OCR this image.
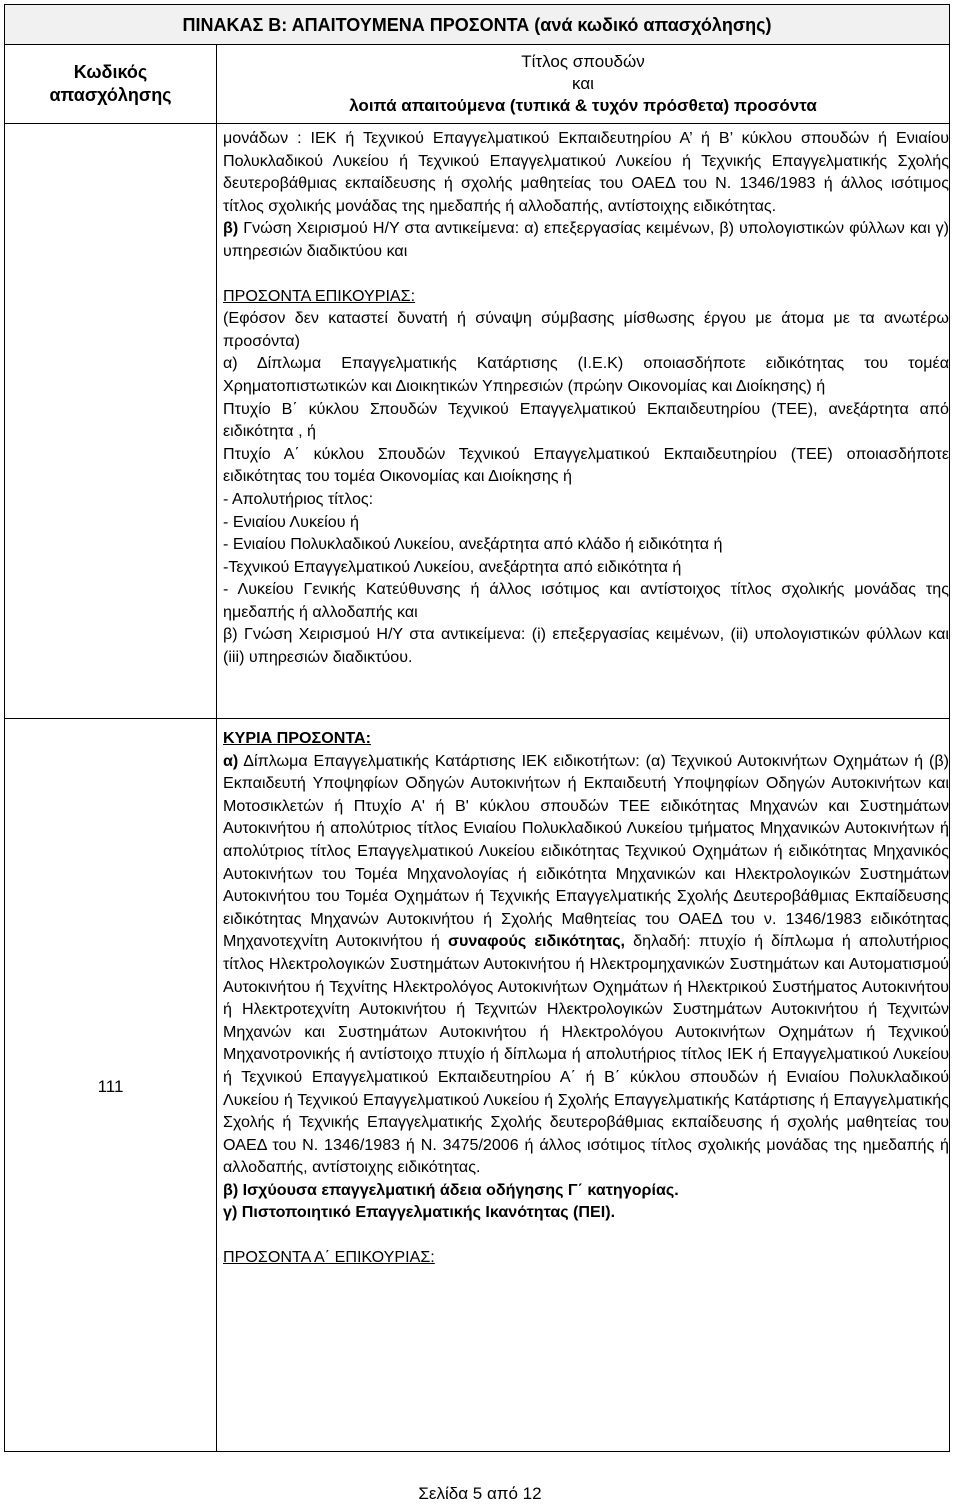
ΠΙΝΑΚΑΣ Β: ΑΠΑΙΤΟΥΜΕΝΑ ΠΡΟΣΟΝΤΑ (ανά κωδικό απασχόλησης)
Κωδικός
απασχόλησης
Τίτλος σπουδών
και
λοιπά απαιτούμενα (τυπικά & τυχόν πρόσθετα) προσόντα

μονάδων : ΙΕΚ ή Τεχνικού Επαγγελματικού Εκπαιδευτηρίου Α’ ή Β’ κύκλου σπουδών ή Ενιαίου Πολυκλαδικού Λυκείου ή Τεχνικού Επαγγελματικού Λυκείου ή Τεχνικής Επαγγελματικής Σχολής δευτεροβάθμιας εκπαίδευσης ή σχολής μαθητείας του ΟΑΕΔ του Ν. 1346/1983 ή άλλος ισότιμος τίτλος σχολικής μονάδας της ημεδαπής ή αλλοδαπής, αντίστοιχης ειδικότητας.

β) Γνώση Χειρισμού Η/Υ στα αντικείμενα: α) επεξεργασίας κειμένων, β) υπολογιστικών φύλλων και γ) υπηρεσιών διαδικτύου και

ΠΡΟΣΟΝΤΑ ΕΠΙΚΟΥΡΙΑΣ:

(Εφόσον δεν καταστεί δυνατή ή σύναψη σύμβασης μίσθωσης έργου με άτομα με τα ανωτέρω προσόντα)

α) Δίπλωμα Επαγγελματικής Κατάρτισης (Ι.Ε.Κ) οποιασδήποτε ειδικότητας του τομέα Χρηματοπιστωτικών και Διοικητικών Υπηρεσιών (πρώην Οικονομίας και Διοίκησης) ή

Πτυχίο Β΄ κύκλου Σπουδών Τεχνικού Επαγγελματικού Εκπαιδευτηρίου (ΤΕΕ), ανεξάρτητα από ειδικότητα , ή

Πτυχίο Α΄ κύκλου Σπουδών Τεχνικού Επαγγελματικού Εκπαιδευτηρίου (ΤΕΕ) οποιασδήποτε ειδικότητας του τομέα Οικονομίας και Διοίκησης ή

- Απολυτήριος τίτλος:

- Ενιαίου Λυκείου ή

- Ενιαίου Πολυκλαδικού Λυκείου, ανεξάρτητα από κλάδο ή ειδικότητα ή

-Τεχνικού Επαγγελματικού Λυκείου, ανεξάρτητα από ειδικότητα ή

- Λυκείου Γενικής Κατεύθυνσης ή άλλος ισότιμος και αντίστοιχος τίτλος σχολικής μονάδας της ημεδαπής ή αλλοδαπής και

β) Γνώση Χειρισμού Η/Υ στα αντικείμενα: (i) επεξεργασίας κειμένων, (ii) υπολογιστικών φύλλων και (iii) υπηρεσιών διαδικτύου.

111

ΚΥΡΙΑ ΠΡΟΣΟΝΤΑ:

α) Δίπλωμα Επαγγελματικής Κατάρτισης ΙΕΚ ειδικοτήτων: (α) Τεχνικού Αυτοκινήτων Οχημάτων ή (β) Εκπαιδευτή Υποψηφίων Οδηγών Αυτοκινήτων ή Εκπαιδευτή Υποψηφίων Οδηγών Αυτοκινήτων και Μοτοσικλετών ή Πτυχίο Α' ή Β' κύκλου σπουδών ΤΕΕ ειδικότητας Μηχανών και Συστημάτων Αυτοκινήτου ή απολύτριος τίτλος Ενιαίου Πολυκλαδικού Λυκείου τμήματος Μηχανικών Αυτοκινήτων ή απολύτριος τίτλος Επαγγελματικού Λυκείου ειδικότητας Τεχνικού Οχημάτων ή ειδικότητας Μηχανικός Αυτοκινήτων του Τομέα Μηχανολογίας ή ειδικότητα Μηχανικών και Ηλεκτρολογικών Συστημάτων Αυτοκινήτου του Τομέα Οχημάτων ή Τεχνικής Επαγγελματικής Σχολής Δευτεροβάθμιας Εκπαίδευσης ειδικότητας Μηχανών Αυτοκινήτου ή Σχολής Μαθητείας του ΟΑΕΔ του ν. 1346/1983 ειδικότητας Μηχανοτεχνίτη Αυτοκινήτου ή συναφούς ειδικότητας, δηλαδή: πτυχίο ή δίπλωμα ή απολυτήριος τίτλος Ηλεκτρολογικών Συστημάτων Αυτοκινήτου ή Ηλεκτρομηχανικών Συστημάτων και Αυτοματισμού Αυτοκινήτου ή Τεχνίτης Ηλεκτρολόγος Αυτοκινήτων Οχημάτων ή Ηλεκτρικού Συστήματος Αυτοκινήτου ή Ηλεκτροτεχνίτη Αυτοκινήτου ή Τεχνιτών Ηλεκτρολογικών Συστημάτων Αυτοκινήτου ή Τεχνιτών Μηχανών και Συστημάτων Αυτοκινήτου ή Ηλεκτρολόγου Αυτοκινήτων Οχημάτων ή Τεχνικού Μηχανοτρονικής ή αντίστοιχο πτυχίο ή δίπλωμα ή απολυτήριος τίτλος ΙΕΚ ή Επαγγελματικού Λυκείου ή Τεχνικού Επαγγελματικού Εκπαιδευτηρίου Α΄ ή Β΄ κύκλου σπουδών ή Ενιαίου Πολυκλαδικού Λυκείου ή Τεχνικού Επαγγελματικού Λυκείου ή Σχολής Επαγγελματικής Κατάρτισης ή Επαγγελματικής Σχολής ή Τεχνικής Επαγγελματικής Σχολής δευτεροβάθμιας εκπαίδευσης ή σχολής μαθητείας του ΟΑΕΔ του Ν. 1346/1983 ή Ν. 3475/2006 ή άλλος ισότιμος τίτλος σχολικής μονάδας της ημεδαπής ή αλλοδαπής, αντίστοιχης ειδικότητας.

β) Ισχύουσα επαγγελματική άδεια οδήγησης Γ΄ κατηγορίας.

γ) Πιστοποιητικό Επαγγελματικής Ικανότητας (ΠΕΙ).

ΠΡΟΣΟΝΤΑ Α΄ ΕΠΙΚΟΥΡΙΑΣ:

Σελίδα 5 από 12
